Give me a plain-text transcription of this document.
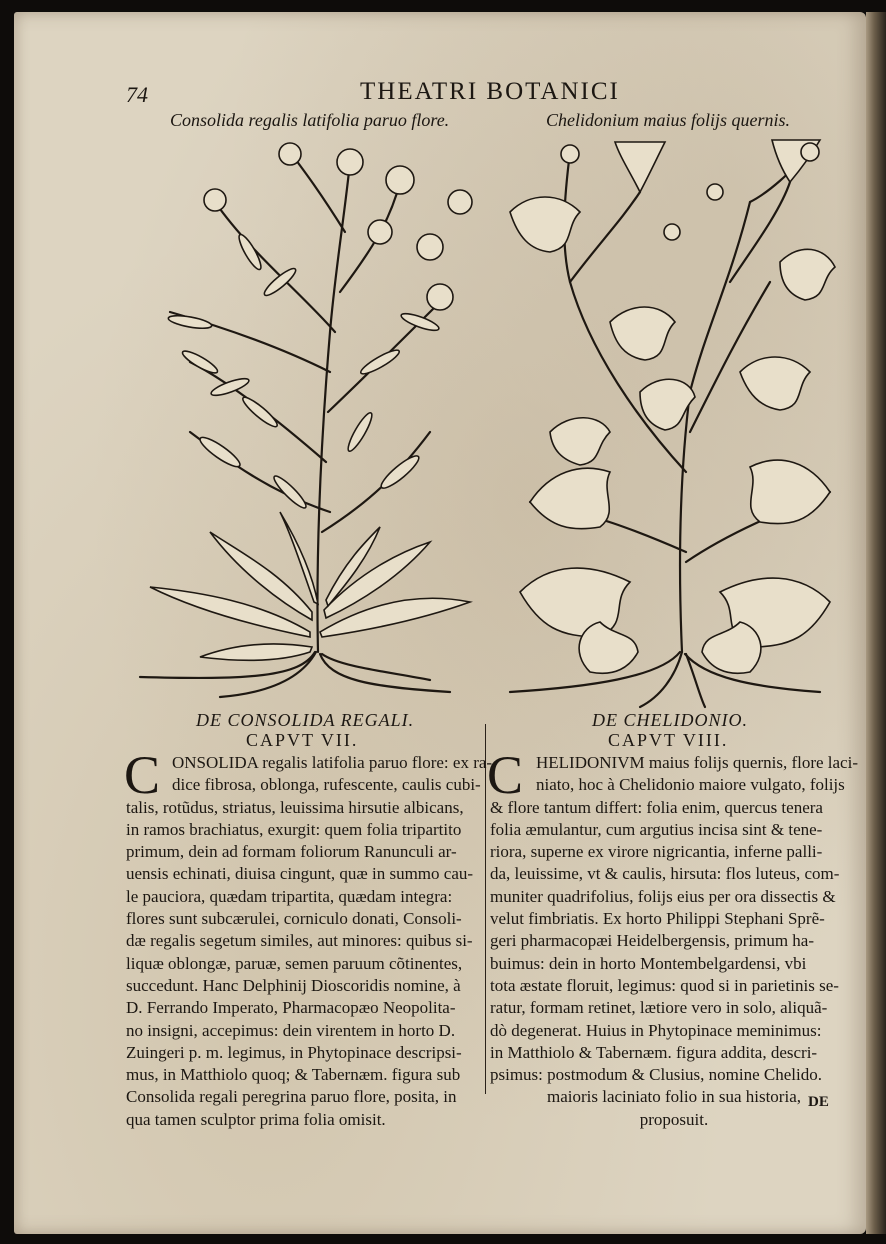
74	THEATRI BOTANICI
Consolida regalis latifolia paruo flore.	Chelidonium maius folijs quernis.
DE CONSOLIDA REGALI.
CAPVT VII.
DE CHELIDONIO.
CAPVT VIII.
C ONSOLIDA regalis latifolia paruo flore: ex ra-
dice fibrosa, oblonga, rufescente, caulis cubi-
talis, rotũdus, striatus, leuissima hirsutie albicans,
in ramos brachiatus, exurgit: quem folia tripartito
primum, dein ad formam foliorum Ranunculi ar-
uensis echinati, diuisa cingunt, quæ in summo cau-
le pauciora, quædam tripartita, quædam integra:
flores sunt subcærulei, corniculo donati, Consoli-
dæ regalis segetum similes, aut minores: quibus si-
liquæ oblongæ, paruæ, semen paruum cõtinentes,
succedunt. Hanc Delphinij Dioscoridis nomine, à
D. Ferrando Imperato, Pharmacopæo Neopolita-
no insigni, accepimus: dein virentem in horto D.
Zuingeri p. m. legimus, in Phytopinace descripsi-
mus, in Matthiolo quoq; & Tabernæm. figura sub
Consolida regali peregrina paruo flore, posita, in
qua tamen sculptor prima folia omisit.
C HELIDONIVM maius folijs quernis, flore laci-
niato, hoc à Chelidonio maiore vulgato, folijs
& flore tantum differt: folia enim, quercus tenera
folia æmulantur, cum argutius incisa sint & tene-
riora, superne ex virore nigricantia, inferne palli-
da, leuissime, vt & caulis, hirsuta: flos luteus, com-
muniter quadrifolius, folijs eius per ora dissectis &
velut fimbriatis. Ex horto Philippi Stephani Sprẽ-
geri pharmacopæi Heidelbergensis, primum ha-
buimus: dein in horto Montembelgardensi, vbi
tota æstate floruit, legimus: quod si in parietinis se-
ratur, formam retinet, lætiore vero in solo, aliquã-
dò degenerat. Huius in Phytopinace meminimus:
in Matthiolo & Tabernæm. figura addita, descri-
psimus: postmodum & Clusius, nomine Chelido.
maioris laciniato folio in sua historia,
proposuit.
DE
